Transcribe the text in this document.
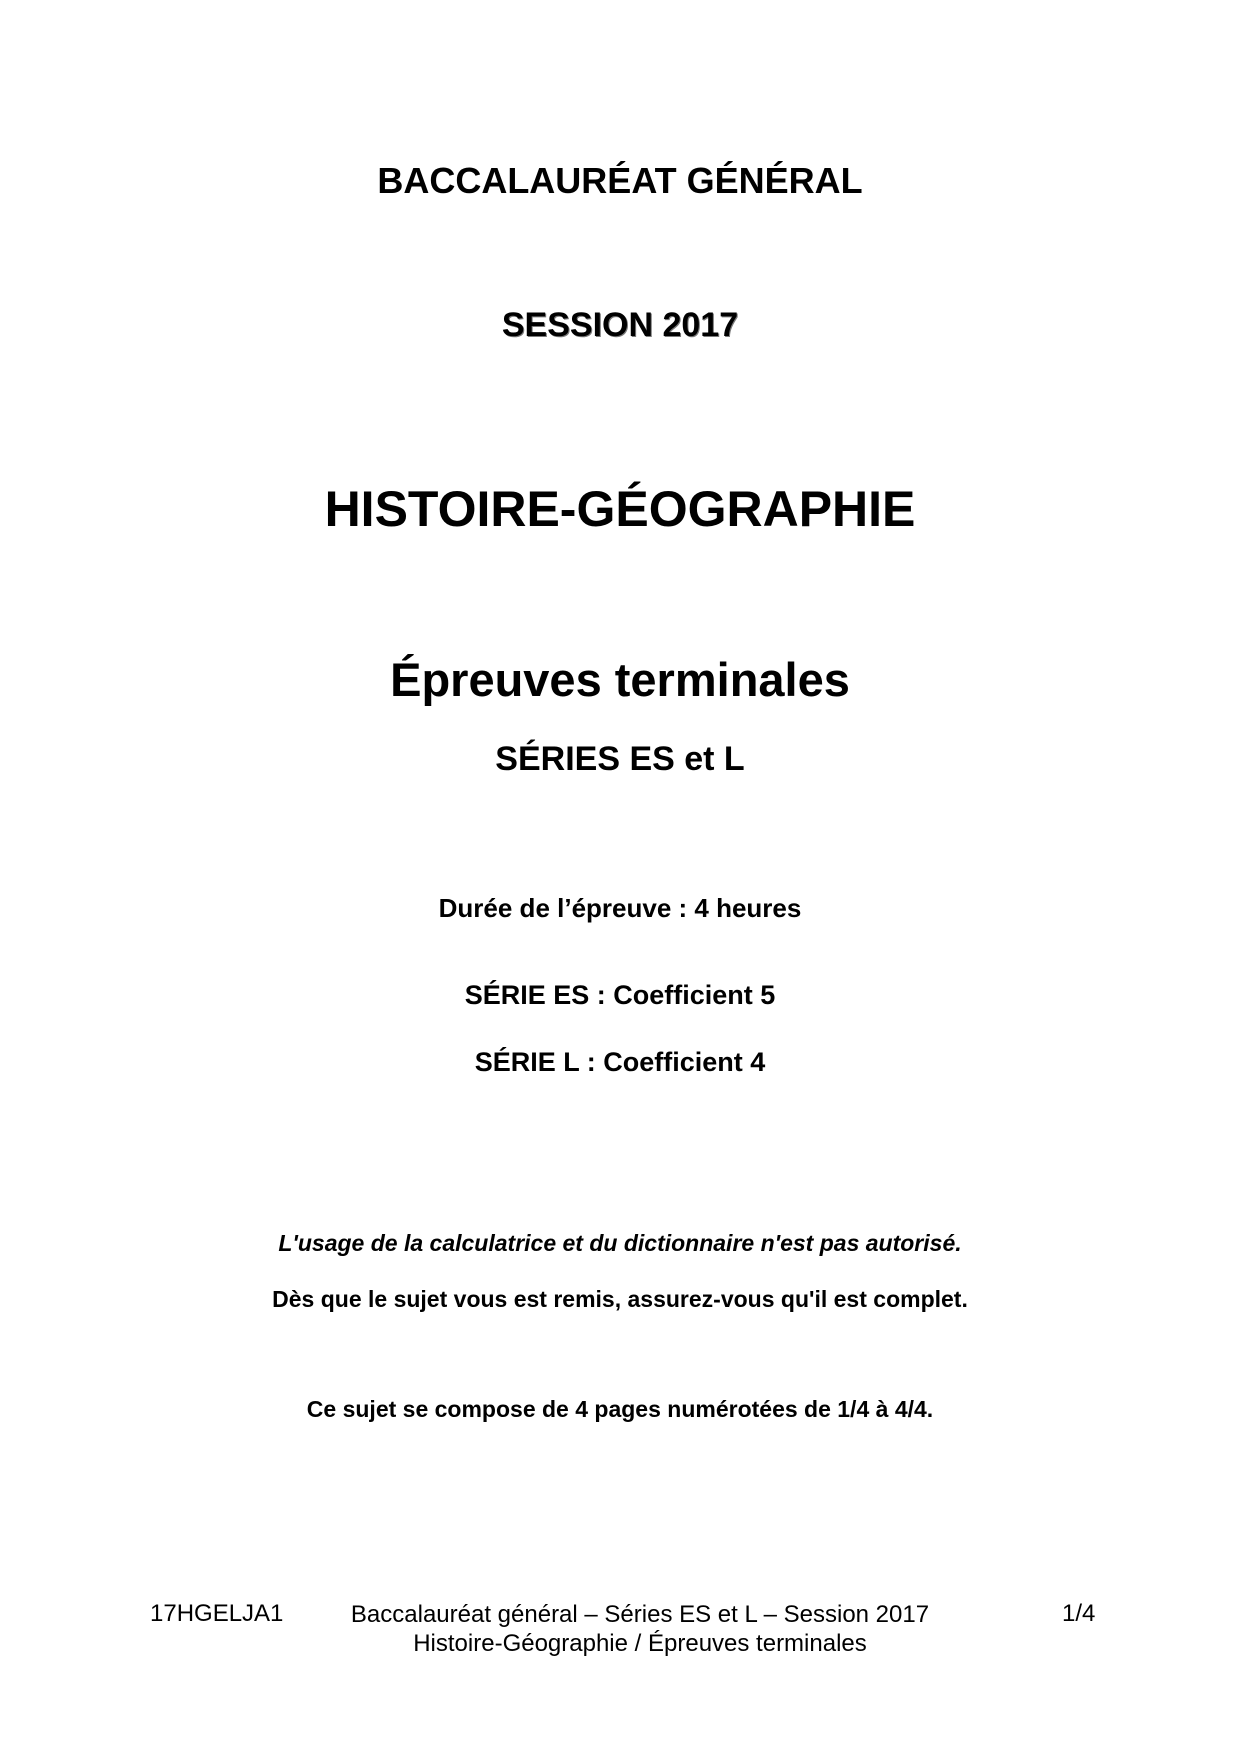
BACCALAURÉAT GÉNÉRAL

SESSION 2017

HISTOIRE-GÉOGRAPHIE

Épreuves terminales

SÉRIES ES et L

Durée de l’épreuve : 4 heures

SÉRIE ES : Coefficient 5

SÉRIE L : Coefficient 4

L'usage de la calculatrice et du dictionnaire n'est pas autorisé.

Dès que le sujet vous est remis, assurez-vous qu'il est complet.

Ce sujet se compose de 4 pages numérotées de 1/4 à 4/4.

17HGELJA1	Baccalauréat général – Séries ES et L – Session 2017
Histoire-Géographie / Épreuves terminales
1/4
